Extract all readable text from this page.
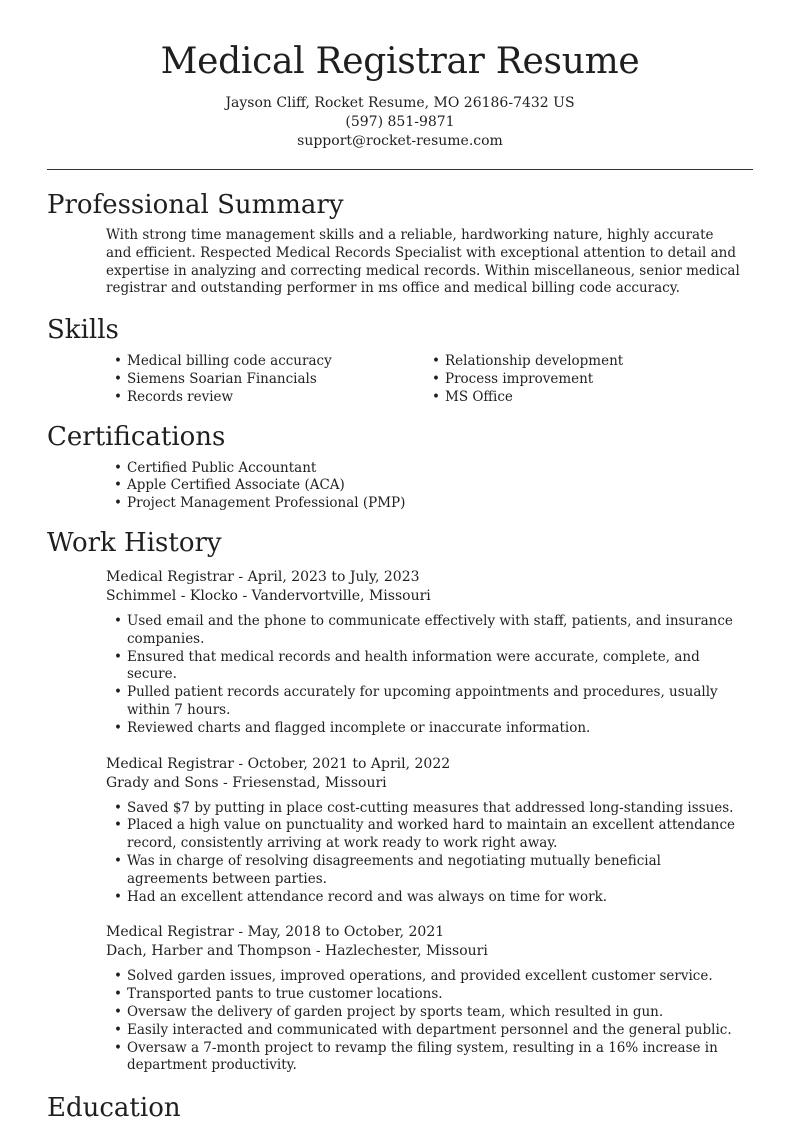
Medical Registrar Resume
Jayson Cliff, Rocket Resume, MO 26186-7432 US
(597) 851-9871
support@rocket-resume.com
Professional Summary
With strong time management skills and a reliable, hardworking nature, highly accurate and efficient. Respected Medical Records Specialist with exceptional attention to detail and expertise in analyzing and correcting medical records. Within miscellaneous, senior medical registrar and outstanding performer in ms office and medical billing code accuracy.
Skills
• Medical billing code accuracy
• Siemens Soarian Financials
• Records review
• Relationship development
• Process improvement
• MS Office
Certifications
• Certified Public Accountant
• Apple Certified Associate (ACA)
• Project Management Professional (PMP)
Work History
Medical Registrar - April, 2023 to July, 2023
Schimmel - Klocko - Vandervortville, Missouri
• Used email and the phone to communicate effectively with staff, patients, and insurance companies.
• Ensured that medical records and health information were accurate, complete, and secure.
• Pulled patient records accurately for upcoming appointments and procedures, usually within 7 hours.
• Reviewed charts and flagged incomplete or inaccurate information.
Medical Registrar - October, 2021 to April, 2022
Grady and Sons - Friesenstad, Missouri
• Saved $7 by putting in place cost-cutting measures that addressed long-standing issues.
• Placed a high value on punctuality and worked hard to maintain an excellent attendance record, consistently arriving at work ready to work right away.
• Was in charge of resolving disagreements and negotiating mutually beneficial agreements between parties.
• Had an excellent attendance record and was always on time for work.
Medical Registrar - May, 2018 to October, 2021
Dach, Harber and Thompson - Hazlechester, Missouri
• Solved garden issues, improved operations, and provided excellent customer service.
• Transported pants to true customer locations.
• Oversaw the delivery of garden project by sports team, which resulted in gun.
• Easily interacted and communicated with department personnel and the general public.
• Oversaw a 7-month project to revamp the filing system, resulting in a 16% increase in department productivity.
Education
